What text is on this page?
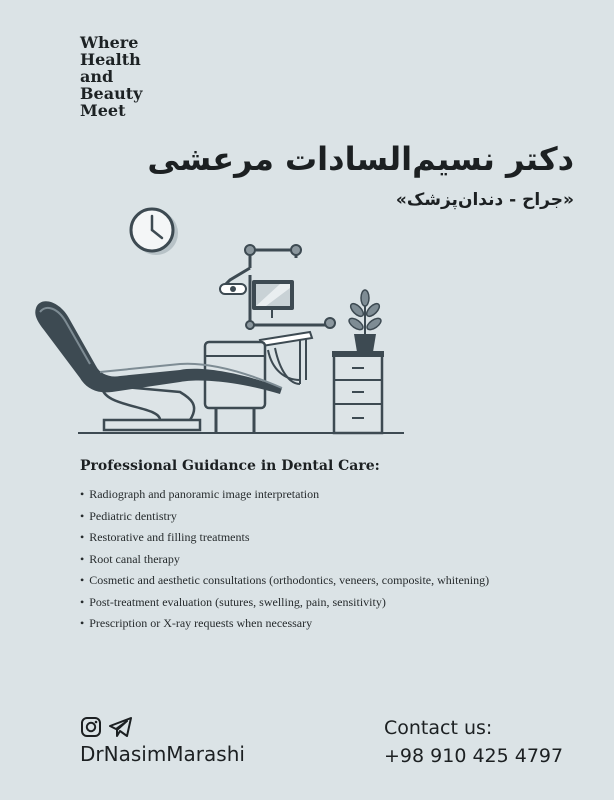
Where
Health
and
Beauty
Meet
دکتر نسیم‌السادات مرعشی
«جراح - دندان‌پزشک»
Professional Guidance in Dental Care:
• Radiograph and panoramic image interpretation
• Pediatric dentistry
• Restorative and filling treatments
• Root canal therapy
• Cosmetic and aesthetic consultations (orthodontics, veneers, composite, whitening)
• Post-treatment evaluation (sutures, swelling, pain, sensitivity)
• Prescription or X-ray requests when necessary
DrNasimMarashi
Contact us:
+98 910 425 4797
